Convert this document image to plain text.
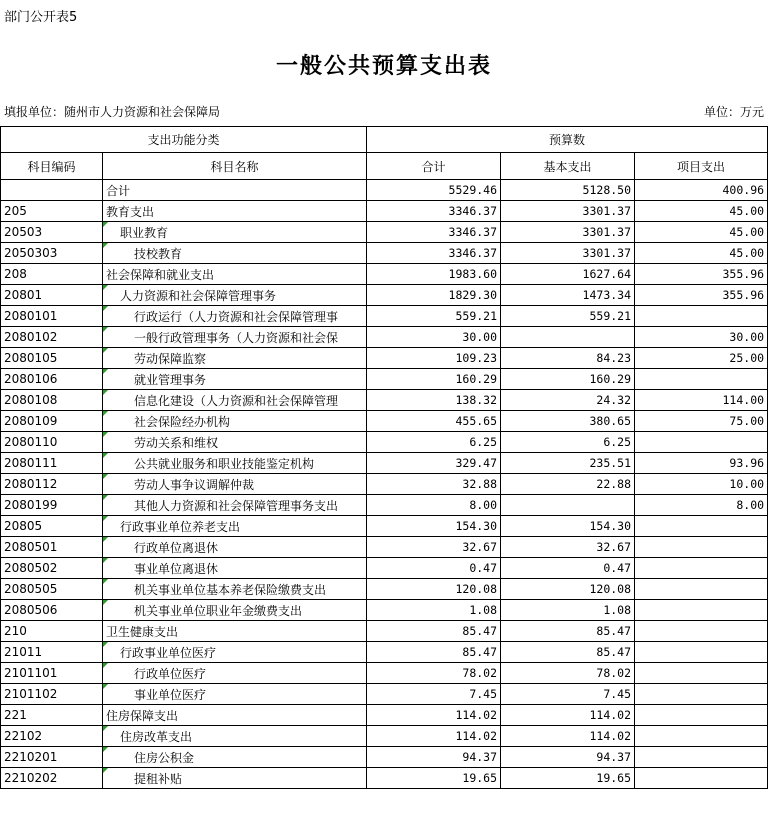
部门公开表5
一般公共预算支出表
填报单位：随州市人力资源和社会保障局	单位：万元
支出功能分类		预算数		
科目编码	科目名称	合计	基本支出	项目支出
	合计	5529.46	5128.50	400.96
205	教育支出	3346.37	3301.37	45.00
20503	职业教育	3346.37	3301.37	45.00
2050303	技校教育	3346.37	3301.37	45.00
208	社会保障和就业支出	1983.60	1627.64	355.96
20801	人力资源和社会保障管理事务	1829.30	1473.34	355.96
2080101	行政运行（人力资源和社会保障管理事	559.21	559.21	
2080102	一般行政管理事务（人力资源和社会保	30.00		30.00
2080105	劳动保障监察	109.23	84.23	25.00
2080106	就业管理事务	160.29	160.29	
2080108	信息化建设（人力资源和社会保障管理	138.32	24.32	114.00
2080109	社会保险经办机构	455.65	380.65	75.00
2080110	劳动关系和维权	6.25	6.25	
2080111	公共就业服务和职业技能鉴定机构	329.47	235.51	93.96
2080112	劳动人事争议调解仲裁	32.88	22.88	10.00
2080199	其他人力资源和社会保障管理事务支出	8.00		8.00
20805	行政事业单位养老支出	154.30	154.30	
2080501	行政单位离退休	32.67	32.67	
2080502	事业单位离退休	0.47	0.47	
2080505	机关事业单位基本养老保险缴费支出	120.08	120.08	
2080506	机关事业单位职业年金缴费支出	1.08	1.08	
210	卫生健康支出	85.47	85.47	
21011	行政事业单位医疗	85.47	85.47	
2101101	行政单位医疗	78.02	78.02	
2101102	事业单位医疗	7.45	7.45	
221	住房保障支出	114.02	114.02	
22102	住房改革支出	114.02	114.02	
2210201	住房公积金	94.37	94.37	
2210202	提租补贴	19.65	19.65	
